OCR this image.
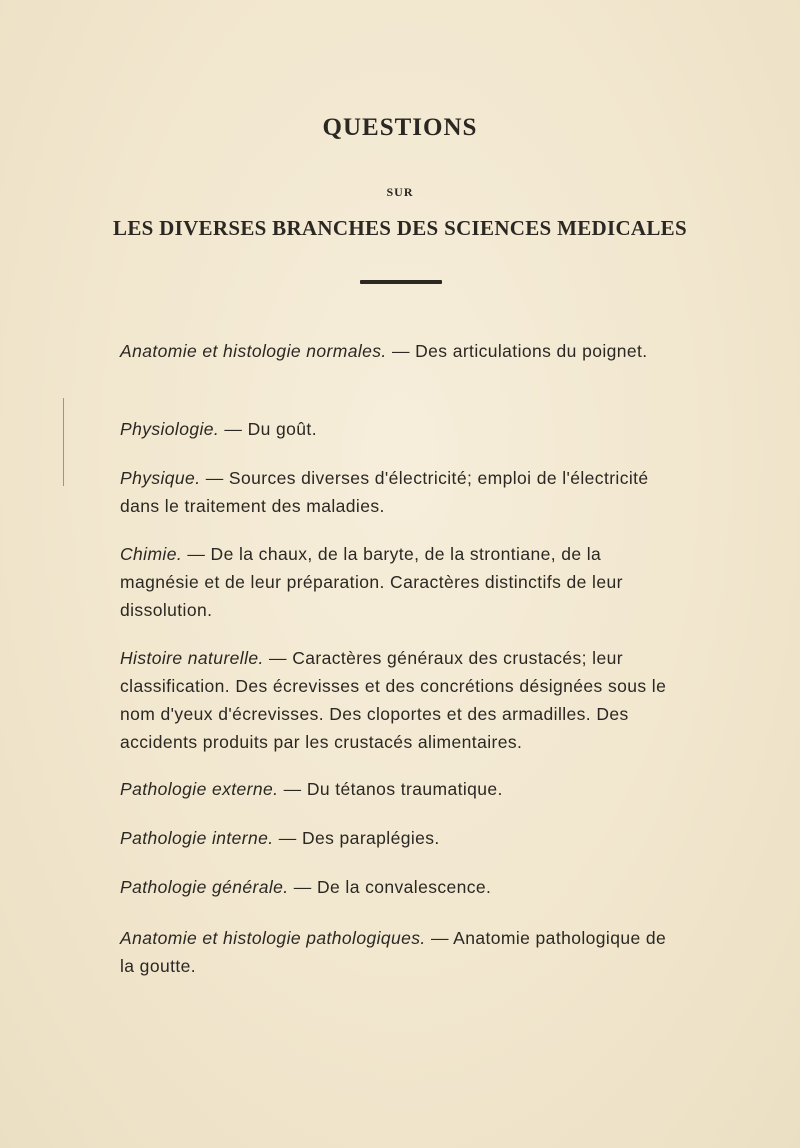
QUESTIONS
SUR
LES DIVERSES BRANCHES DES SCIENCES MEDICALES
Anatomie et histologie normales. — Des articulations du poignet.
Physiologie. — Du goût.
Physique. — Sources diverses d'électricité; emploi de l'électricité dans le traitement des maladies.
Chimie. — De la chaux, de la baryte, de la strontiane, de la magnésie et de leur préparation. Caractères distinctifs de leur dissolution.
Histoire naturelle. — Caractères généraux des crustacés; leur classification. Des écrevisses et des concrétions désignées sous le nom d'yeux d'écrevisses. Des cloportes et des armadilles. Des accidents produits par les crustacés alimentaires.
Pathologie externe. — Du tétanos traumatique.
Pathologie interne. — Des paraplégies.
Pathologie générale. — De la convalescence.
Anatomie et histologie pathologiques. — Anatomie pathologique de la goutte.
